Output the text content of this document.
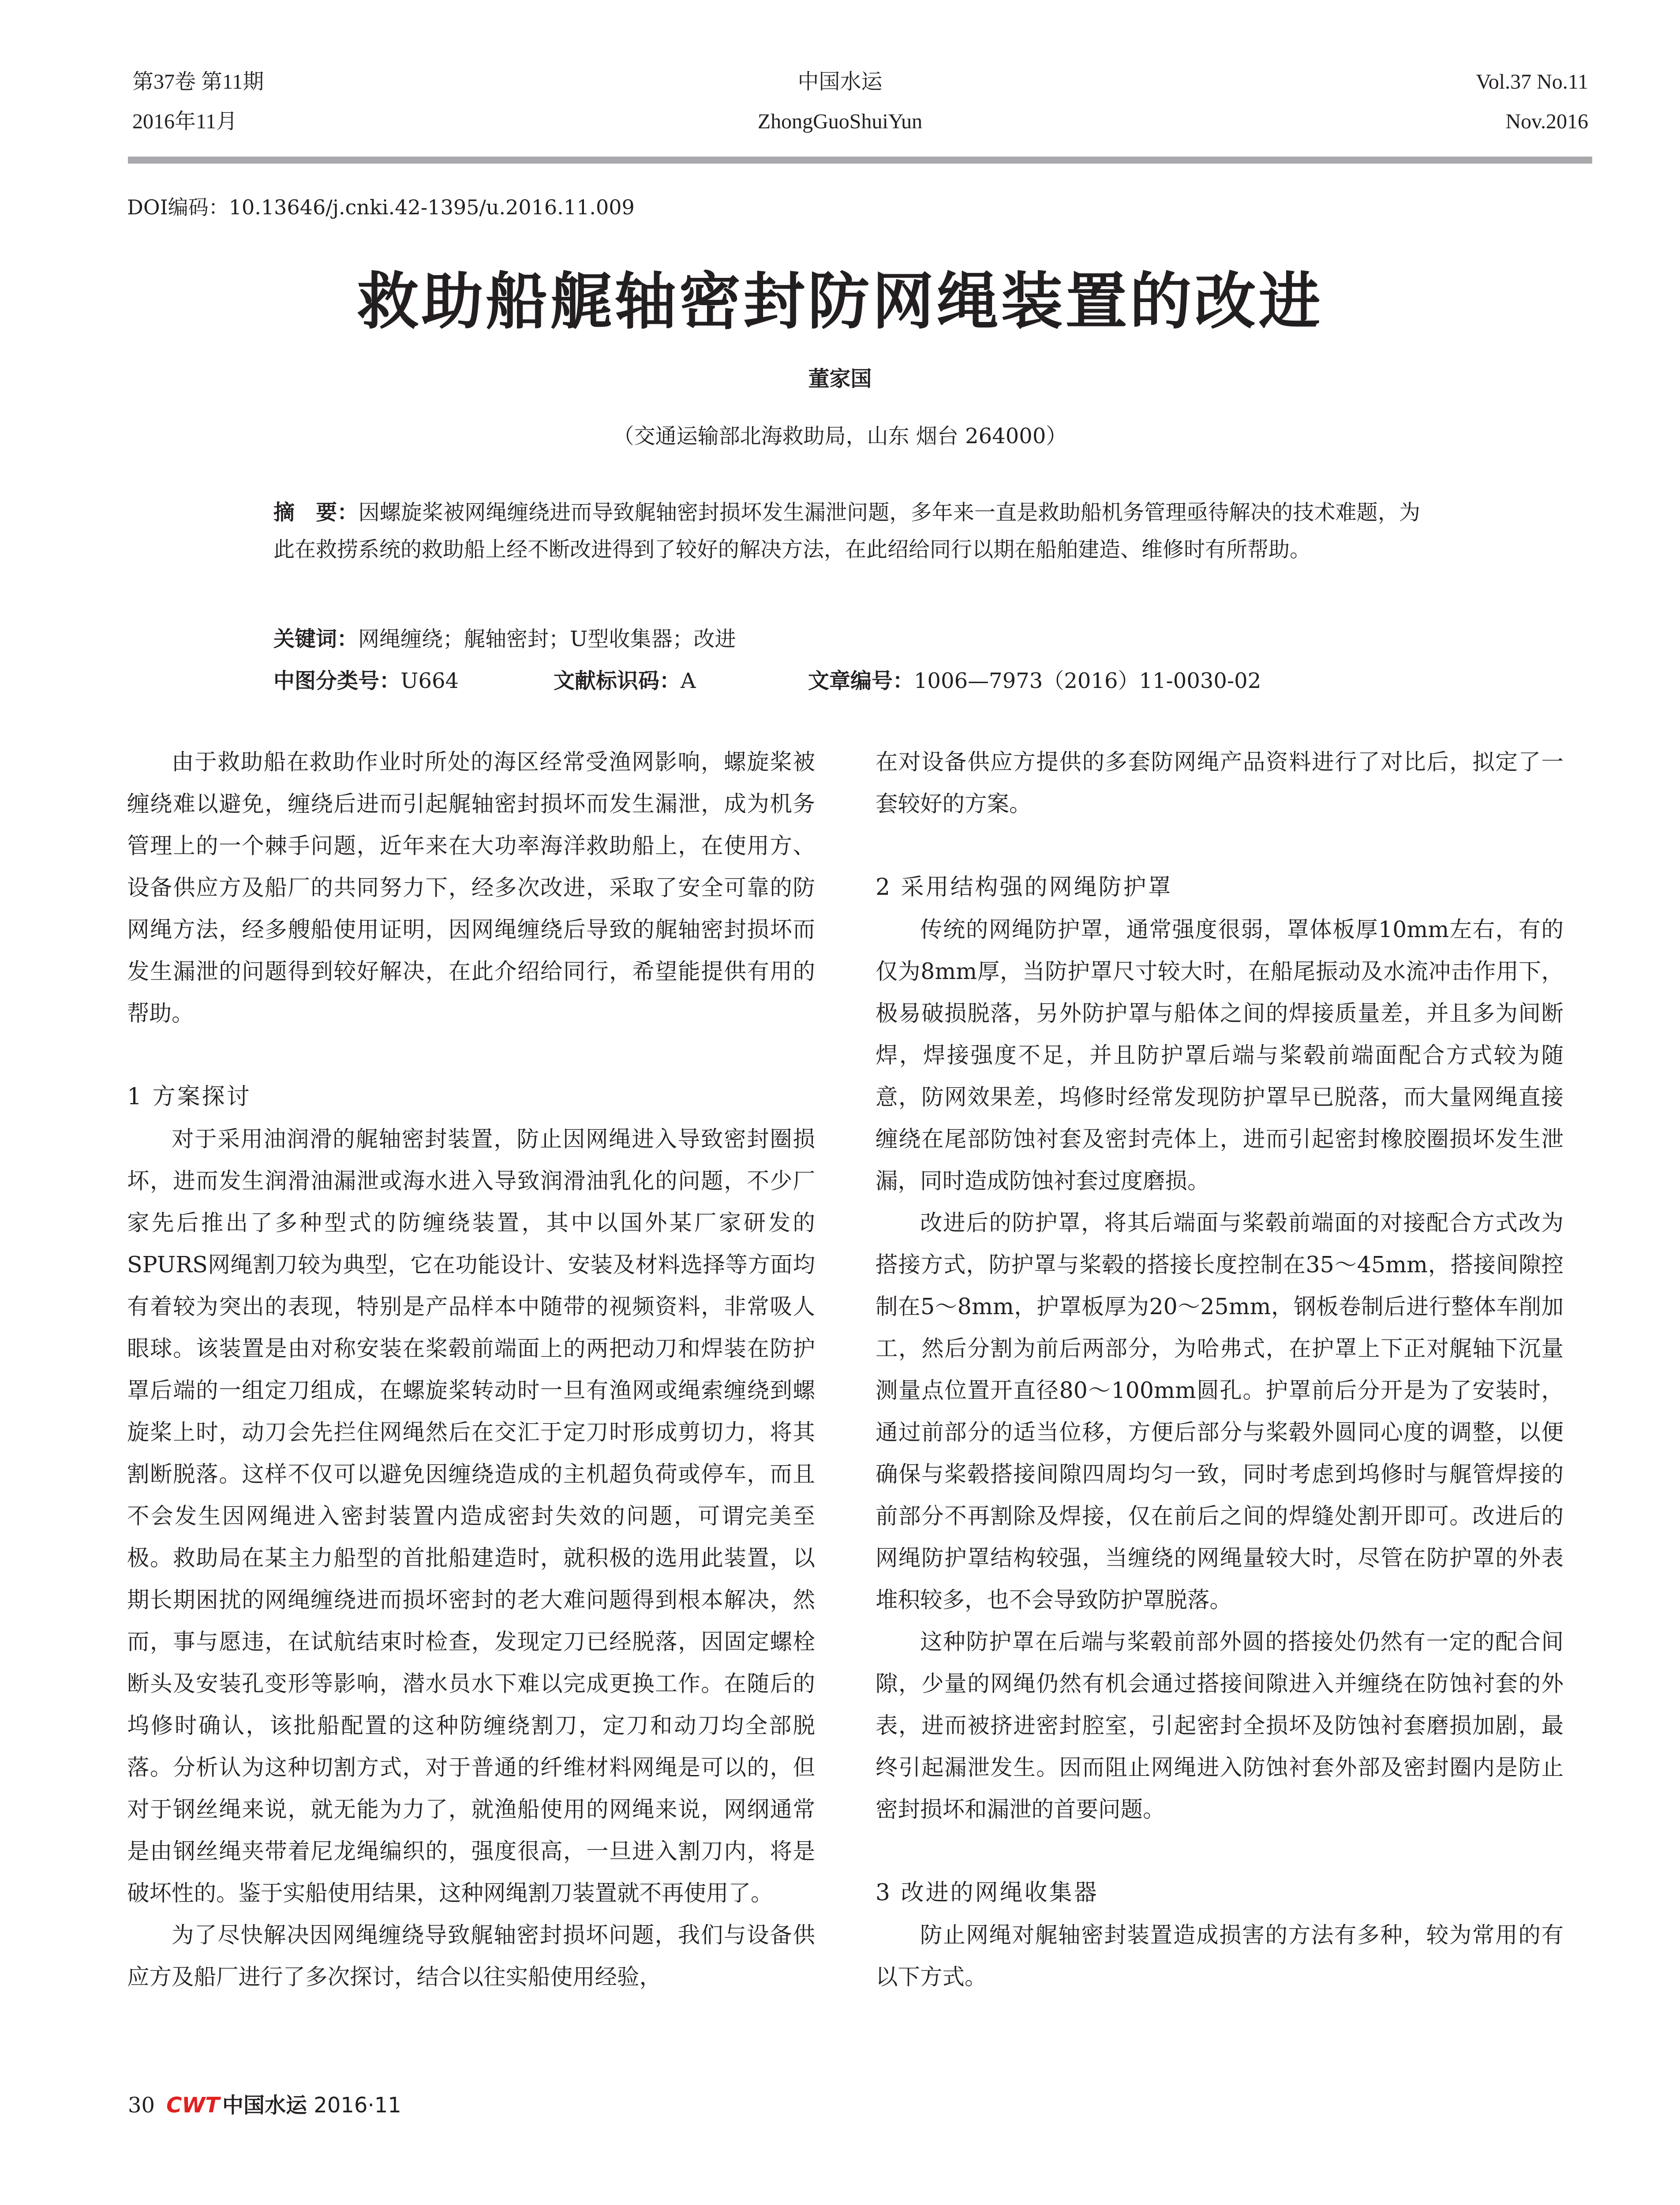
第37卷 第11期
2016年11月
中国水运
ZhongGuoShuiYun
Vol.37 No.11
Nov.2016
DOI编码：10.13646/j.cnki.42-1395/u.2016.11.009
救助船艉轴密封防网绳装置的改进
董家国
（交通运输部北海救助局，山东 烟台 264000）
摘　要：因螺旋桨被网绳缠绕进而导致艉轴密封损坏发生漏泄问题，多年来一直是救助船机务管理亟待解决的技术难题，为此在救捞系统的救助船上经不断改进得到了较好的解决方法，在此绍给同行以期在船舶建造、维修时有所帮助。
关键词：网绳缠绕；艉轴密封；U型收集器；改进
中图分类号：U664	文献标识码：A	文章编号：1006—7973（2016）11-0030-02

由于救助船在救助作业时所处的海区经常受渔网影响，螺旋桨被缠绕难以避免，缠绕后进而引起艉轴密封损坏而发生漏泄，成为机务管理上的一个棘手问题，近年来在大功率海洋救助船上，在使用方、设备供应方及船厂的共同努力下，经多次改进，采取了安全可靠的防网绳方法，经多艘船使用证明，因网绳缠绕后导致的艉轴密封损坏而发生漏泄的问题得到较好解决，在此介绍给同行，希望能提供有用的帮助。

1 方案探讨

对于采用油润滑的艉轴密封装置，防止因网绳进入导致密封圈损坏，进而发生润滑油漏泄或海水进入导致润滑油乳化的问题，不少厂家先后推出了多种型式的防缠绕装置，其中以国外某厂家研发的SPURS网绳割刀较为典型，它在功能设计、安装及材料选择等方面均有着较为突出的表现，特别是产品样本中随带的视频资料，非常吸人眼球。该装置是由对称安装在桨毂前端面上的两把动刀和焊装在防护罩后端的一组定刀组成，在螺旋桨转动时一旦有渔网或绳索缠绕到螺旋桨上时，动刀会先拦住网绳然后在交汇于定刀时形成剪切力，将其割断脱落。这样不仅可以避免因缠绕造成的主机超负荷或停车，而且不会发生因网绳进入密封装置内造成密封失效的问题，可谓完美至极。救助局在某主力船型的首批船建造时，就积极的选用此装置，以期长期困扰的网绳缠绕进而损坏密封的老大难问题得到根本解决，然而，事与愿违，在试航结束时检查，发现定刀已经脱落，因固定螺栓断头及安装孔变形等影响，潜水员水下难以完成更换工作。在随后的坞修时确认，该批船配置的这种防缠绕割刀，定刀和动刀均全部脱落。分析认为这种切割方式，对于普通的纤维材料网绳是可以的，但对于钢丝绳来说，就无能为力了，就渔船使用的网绳来说，网纲通常是由钢丝绳夹带着尼龙绳编织的，强度很高，一旦进入割刀内，将是破坏性的。鉴于实船使用结果，这种网绳割刀装置就不再使用了。

为了尽快解决因网绳缠绕导致艉轴密封损坏问题，我们与设备供应方及船厂进行了多次探讨，结合以往实船使用经验，

在对设备供应方提供的多套防网绳产品资料进行了对比后，拟定了一套较好的方案。

2 采用结构强的网绳防护罩

传统的网绳防护罩，通常强度很弱，罩体板厚10mm左右，有的仅为8mm厚，当防护罩尺寸较大时，在船尾振动及水流冲击作用下，极易破损脱落，另外防护罩与船体之间的焊接质量差，并且多为间断焊，焊接强度不足，并且防护罩后端与桨毂前端面配合方式较为随意，防网效果差，坞修时经常发现防护罩早已脱落，而大量网绳直接缠绕在尾部防蚀衬套及密封壳体上，进而引起密封橡胶圈损坏发生泄漏，同时造成防蚀衬套过度磨损。

改进后的防护罩，将其后端面与桨毂前端面的对接配合方式改为搭接方式，防护罩与桨毂的搭接长度控制在35～45mm，搭接间隙控制在5～8mm，护罩板厚为20～25mm，钢板卷制后进行整体车削加工，然后分割为前后两部分，为哈弗式，在护罩上下正对艉轴下沉量测量点位置开直径80～100mm圆孔。护罩前后分开是为了安装时，通过前部分的适当位移，方便后部分与桨毂外圆同心度的调整，以便确保与桨毂搭接间隙四周均匀一致，同时考虑到坞修时与艉管焊接的前部分不再割除及焊接，仅在前后之间的焊缝处割开即可。改进后的网绳防护罩结构较强，当缠绕的网绳量较大时，尽管在防护罩的外表堆积较多，也不会导致防护罩脱落。

这种防护罩在后端与桨毂前部外圆的搭接处仍然有一定的配合间隙，少量的网绳仍然有机会通过搭接间隙进入并缠绕在防蚀衬套的外表，进而被挤进密封腔室，引起密封全损坏及防蚀衬套磨损加剧，最终引起漏泄发生。因而阻止网绳进入防蚀衬套外部及密封圈内是防止密封损坏和漏泄的首要问题。

3 改进的网绳收集器

防止网绳对艉轴密封装置造成损害的方法有多种，较为常用的有以下方式。

30 CWT 中国水运 2016·11
